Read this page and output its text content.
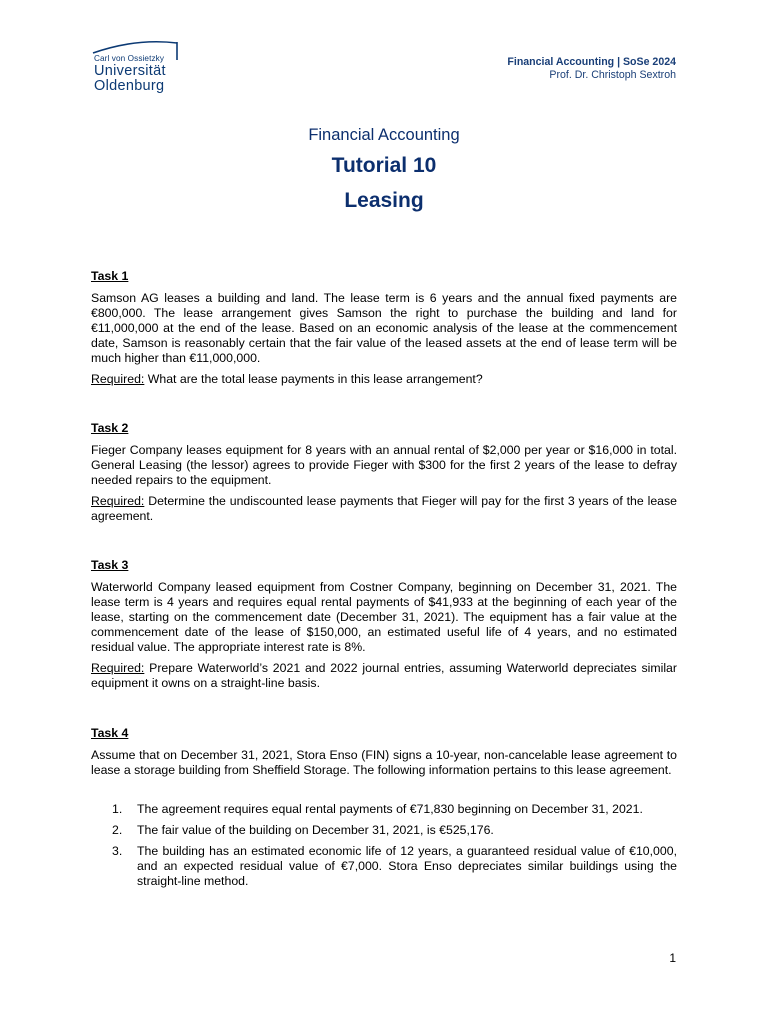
Carl von Ossietzky
Universität
Oldenburg
Financial Accounting | SoSe 2024
Prof. Dr. Christoph Sextroh
Financial Accounting
Tutorial 10
Leasing

Task 1

Samson AG leases a building and land. The lease term is 6 years and the annual fixed payments are €800,000. The lease arrangement gives Samson the right to purchase the building and land for €11,000,000 at the end of the lease. Based on an economic analysis of the lease at the commencement date, Samson is reasonably certain that the fair value of the leased assets at the end of lease term will be much higher than €11,000,000.

Required: What are the total lease payments in this lease arrangement?

Task 2

Fieger Company leases equipment for 8 years with an annual rental of $2,000 per year or $16,000 in total. General Leasing (the lessor) agrees to provide Fieger with $300 for the first 2 years of the lease to defray needed repairs to the equipment.

Required: Determine the undiscounted lease payments that Fieger will pay for the first 3 years of the lease agreement.

Task 3

Waterworld Company leased equipment from Costner Company, beginning on December 31, 2021. The lease term is 4 years and requires equal rental payments of $41,933 at the beginning of each year of the lease, starting on the commencement date (December 31, 2021). The equipment has a fair value at the commencement date of the lease of $150,000, an estimated useful life of 4 years, and no estimated residual value. The appropriate interest rate is 8%.

Required: Prepare Waterworld’s 2021 and 2022 journal entries, assuming Waterworld depreciates similar equipment it owns on a straight-line basis.

Task 4

Assume that on December 31, 2021, Stora Enso (FIN) signs a 10-year, non-cancelable lease agreement to lease a storage building from Sheffield Storage. The following information pertains to this lease agreement.

1. The agreement requires equal rental payments of €71,830 beginning on December 31, 2021.
2. The fair value of the building on December 31, 2021, is €525,176.
3. The building has an estimated economic life of 12 years, a guaranteed residual value of €10,000, and an expected residual value of €7,000. Stora Enso depreciates similar buildings using the straight-line method.
1
